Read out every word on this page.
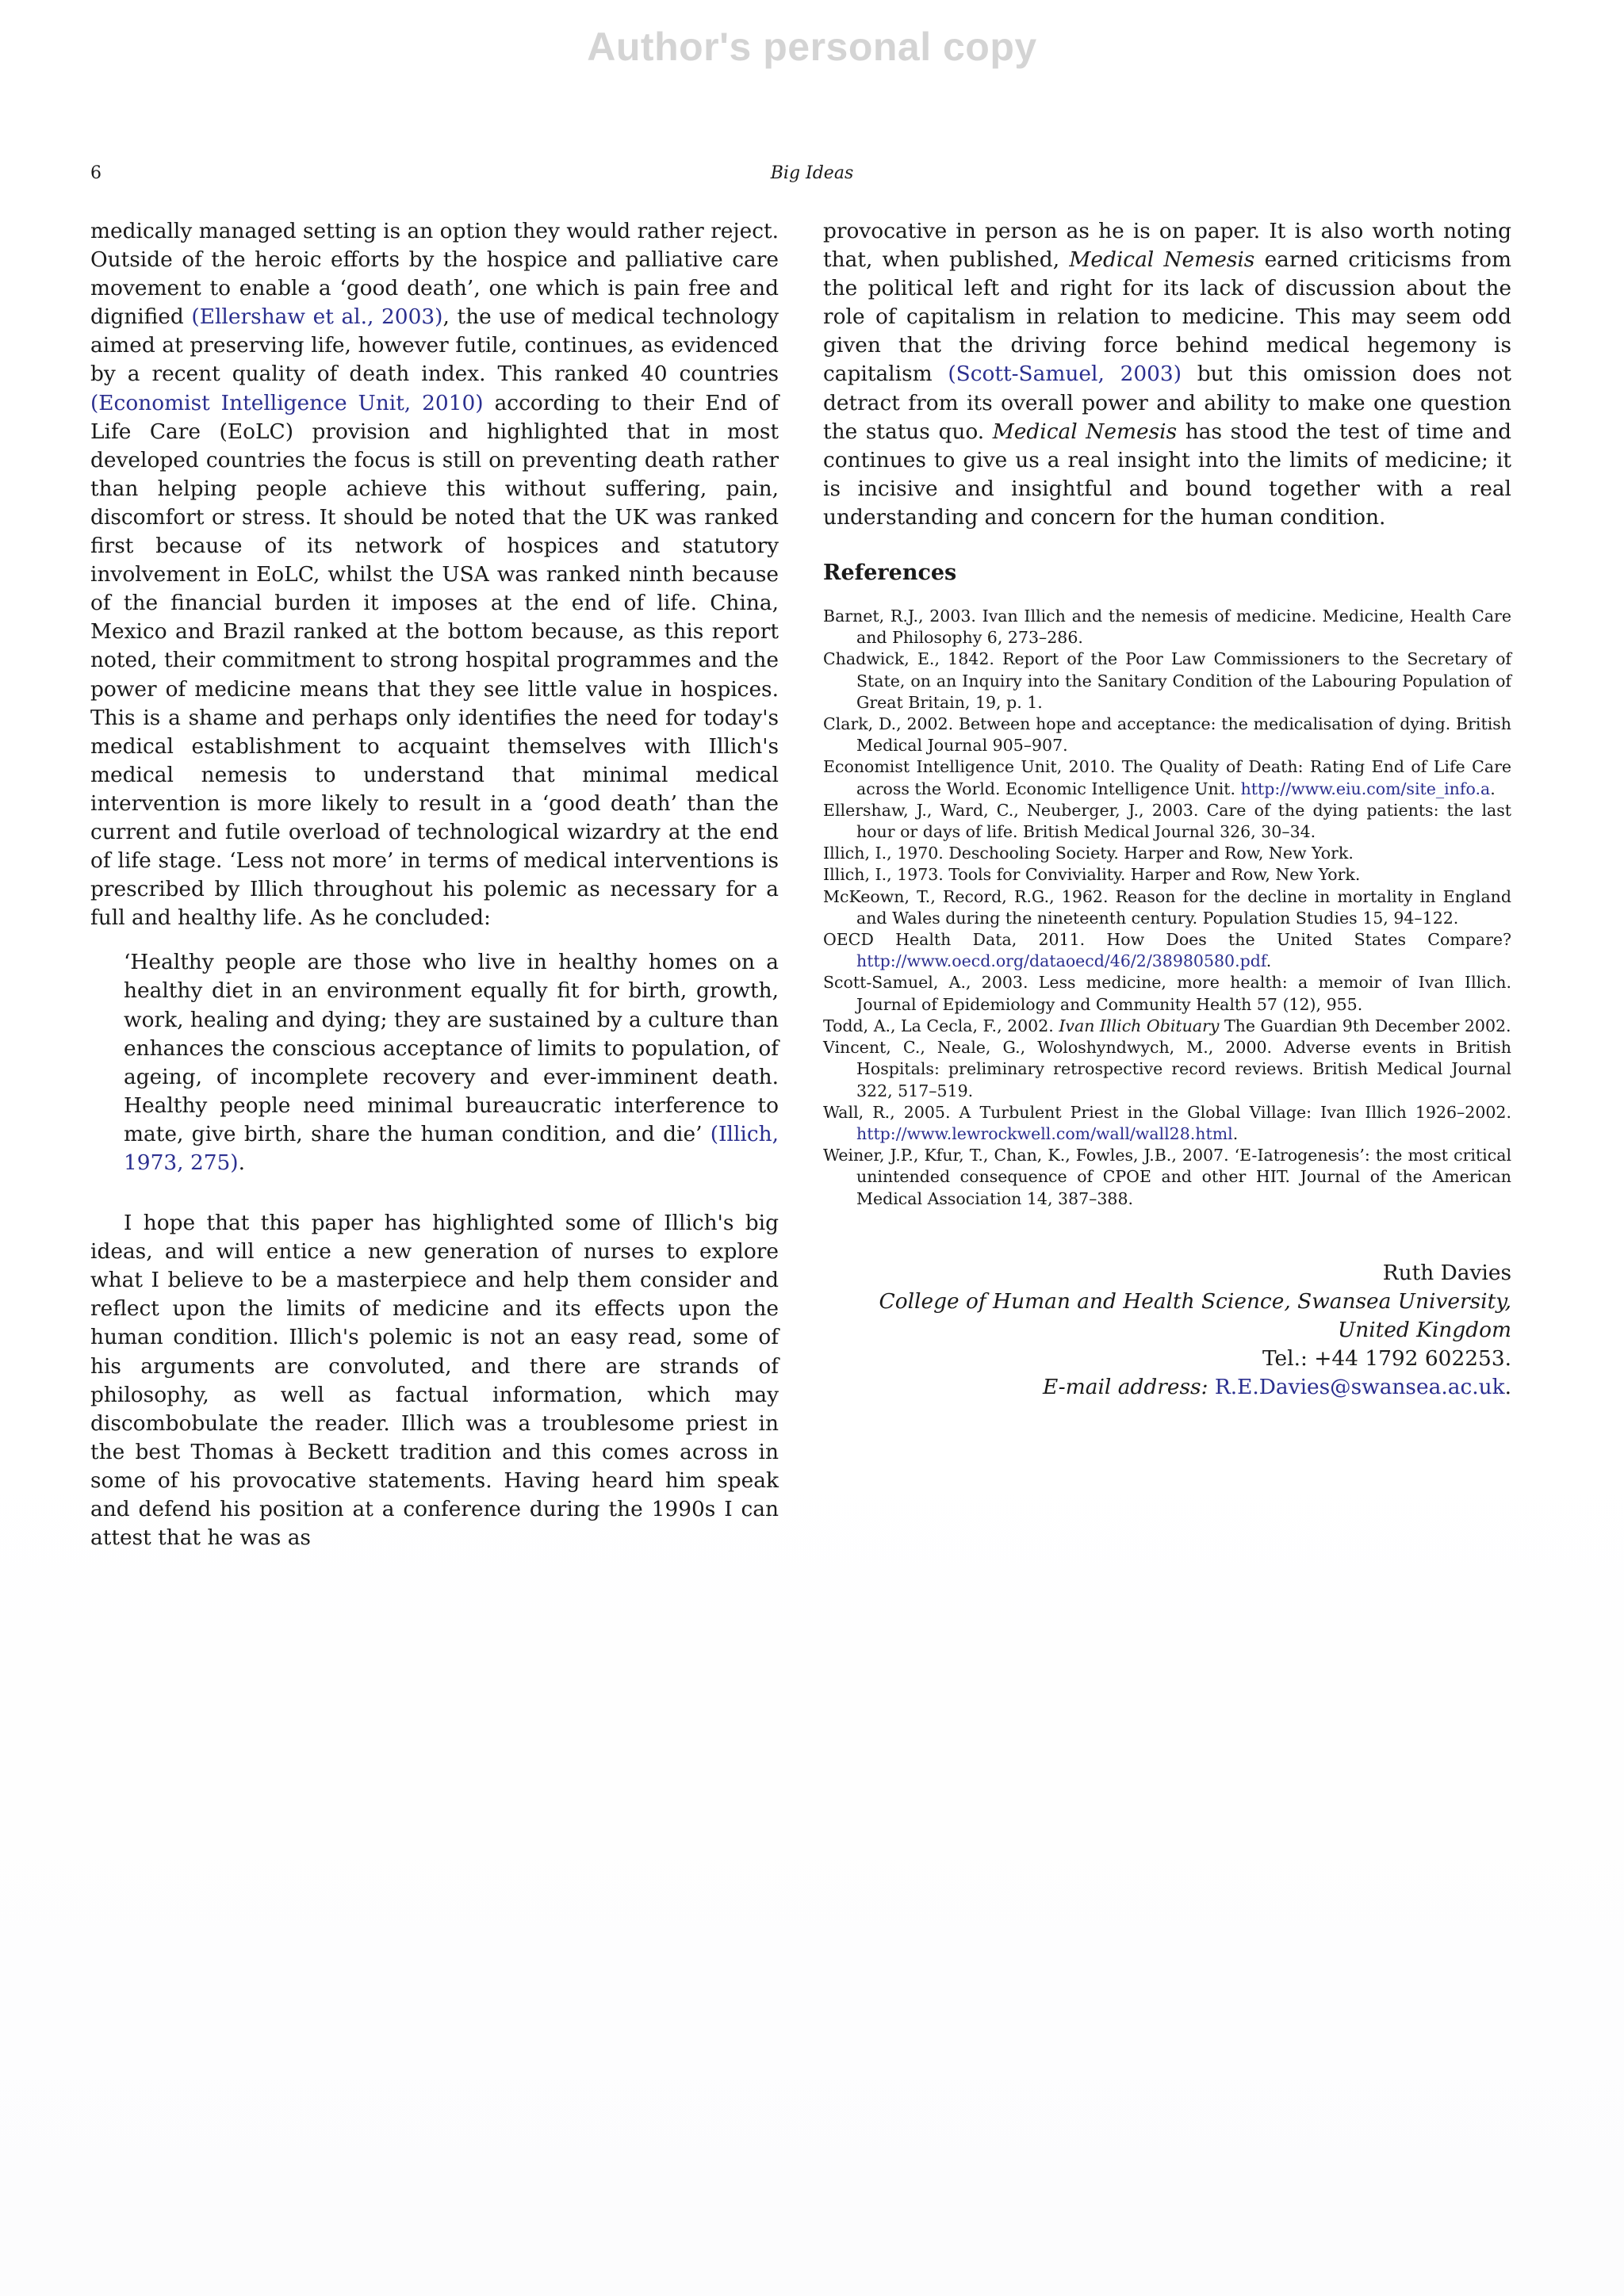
Author's personal copy
6	Big Ideas

medically managed setting is an option they would rather reject. Outside of the heroic efforts by the hospice and palliative care movement to enable a ‘good death’, one which is pain free and dignified (Ellershaw et al., 2003), the use of medical technology aimed at preserving life, however futile, continues, as evidenced by a recent quality of death index. This ranked 40 countries (Economist Intelligence Unit, 2010) according to their End of Life Care (EoLC) provision and highlighted that in most developed countries the focus is still on preventing death rather than helping people achieve this without suffering, pain, discomfort or stress. It should be noted that the UK was ranked first because of its network of hospices and statutory involvement in EoLC, whilst the USA was ranked ninth because of the financial burden it imposes at the end of life. China, Mexico and Brazil ranked at the bottom because, as this report noted, their commitment to strong hospital programmes and the power of medicine means that they see little value in hospices. This is a shame and perhaps only identifies the need for today's medical establishment to acquaint themselves with Illich's medical nemesis to understand that minimal medical intervention is more likely to result in a ‘good death’ than the current and futile overload of technological wizardry at the end of life stage. ‘Less not more’ in terms of medical interventions is prescribed by Illich throughout his polemic as necessary for a full and healthy life. As he concluded:

‘Healthy people are those who live in healthy homes on a healthy diet in an environment equally fit for birth, growth, work, healing and dying; they are sustained by a culture than enhances the conscious acceptance of limits to population, of ageing, of incomplete recovery and ever-imminent death. Healthy people need minimal bureaucratic interference to mate, give birth, share the human condition, and die’ (Illich, 1973, 275).

I hope that this paper has highlighted some of Illich's big ideas, and will entice a new generation of nurses to explore what I believe to be a masterpiece and help them consider and reflect upon the limits of medicine and its effects upon the human condition. Illich's polemic is not an easy read, some of his arguments are convoluted, and there are strands of philosophy, as well as factual information, which may discombobulate the reader. Illich was a troublesome priest in the best Thomas à Beckett tradition and this comes across in some of his provocative statements. Having heard him speak and defend his position at a conference during the 1990s I can attest that he was as

provocative in person as he is on paper. It is also worth noting that, when published, Medical Nemesis earned criticisms from the political left and right for its lack of discussion about the role of capitalism in relation to medicine. This may seem odd given that the driving force behind medical hegemony is capitalism (Scott-Samuel, 2003) but this omission does not detract from its overall power and ability to make one question the status quo. Medical Nemesis has stood the test of time and continues to give us a real insight into the limits of medicine; it is incisive and insightful and bound together with a real understanding and concern for the human condition.

References
Barnet, R.J., 2003. Ivan Illich and the nemesis of medicine. Medicine, Health Care and Philosophy 6, 273–286.
Chadwick, E., 1842. Report of the Poor Law Commissioners to the Secretary of State, on an Inquiry into the Sanitary Condition of the Labouring Population of Great Britain, 19, p. 1.
Clark, D., 2002. Between hope and acceptance: the medicalisation of dying. British Medical Journal 905–907.
Economist Intelligence Unit, 2010. The Quality of Death: Rating End of Life Care across the World. Economic Intelligence Unit. http://www.eiu.com/site_info.a.
Ellershaw, J., Ward, C., Neuberger, J., 2003. Care of the dying patients: the last hour or days of life. British Medical Journal 326, 30–34.
Illich, I., 1970. Deschooling Society. Harper and Row, New York.
Illich, I., 1973. Tools for Conviviality. Harper and Row, New York.
McKeown, T., Record, R.G., 1962. Reason for the decline in mortality in England and Wales during the nineteenth century. Population Studies 15, 94–122.
OECD Health Data, 2011. How Does the United States Compare? http://www.oecd.org/dataoecd/46/2/38980580.pdf.
Scott-Samuel, A., 2003. Less medicine, more health: a memoir of Ivan Illich. Journal of Epidemiology and Community Health 57 (12), 955.
Todd, A., La Cecla, F., 2002. Ivan Illich Obituary The Guardian 9th December 2002.
Vincent, C., Neale, G., Woloshyndwych, M., 2000. Adverse events in British Hospitals: preliminary retrospective record reviews. British Medical Journal 322, 517–519.
Wall, R., 2005. A Turbulent Priest in the Global Village: Ivan Illich 1926–2002. http://www.lewrockwell.com/wall/wall28.html.
Weiner, J.P., Kfur, T., Chan, K., Fowles, J.B., 2007. ‘E-Iatrogenesis’: the most critical unintended consequence of CPOE and other HIT. Journal of the American Medical Association 14, 387–388.
Ruth Davies
College of Human and Health Science, Swansea University, United Kingdom
Tel.: +44 1792 602253.
E-mail address: R.E.Davies@swansea.ac.uk.
